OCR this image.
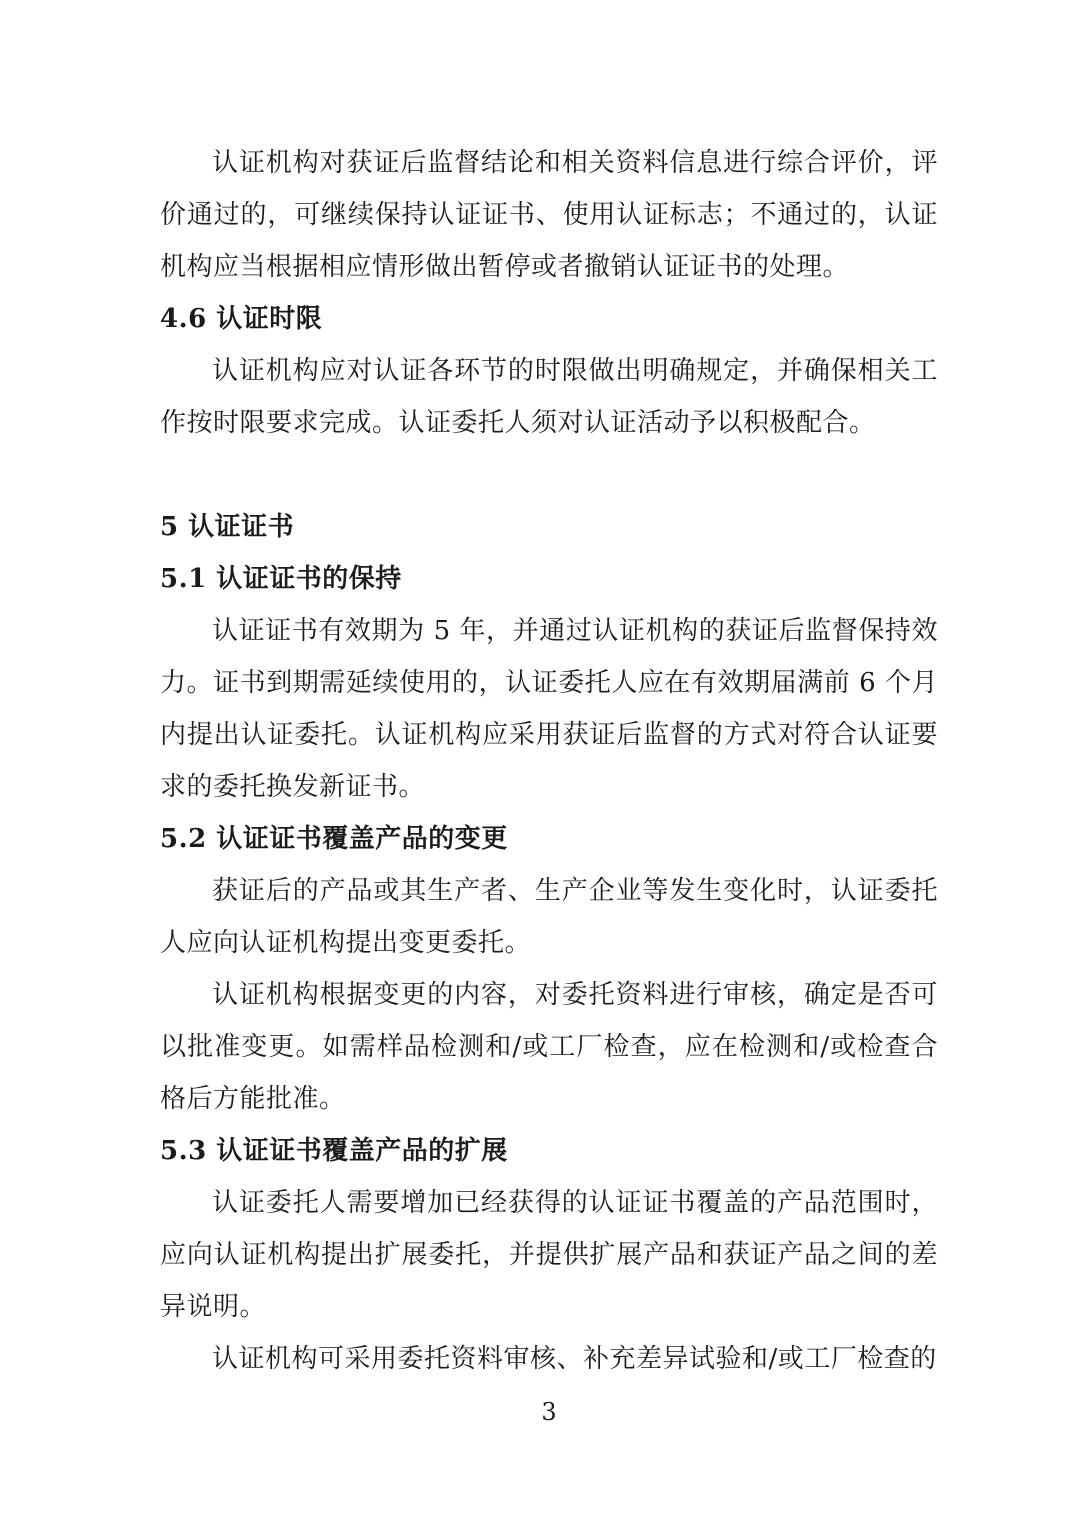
认证机构对获证后监督结论和相关资料信息进行综合评价，评价通过的，可继续保持认证证书、使用认证标志；不通过的，认证机构应当根据相应情形做出暂停或者撤销认证证书的处理。

4.6 认证时限

认证机构应对认证各环节的时限做出明确规定，并确保相关工作按时限要求完成。认证委托人须对认证活动予以积极配合。

5 认证证书
5.1 认证证书的保持

认证证书有效期为 5 年，并通过认证机构的获证后监督保持效力。证书到期需延续使用的，认证委托人应在有效期届满前 6 个月内提出认证委托。认证机构应采用获证后监督的方式对符合认证要求的委托换发新证书。

5.2 认证证书覆盖产品的变更

获证后的产品或其生产者、生产企业等发生变化时，认证委托人应向认证机构提出变更委托。

认证机构根据变更的内容，对委托资料进行审核，确定是否可以批准变更。如需样品检测和/或工厂检查，应在检测和/或检查合格后方能批准。

5.3 认证证书覆盖产品的扩展

认证委托人需要增加已经获得的认证证书覆盖的产品范围时，应向认证机构提出扩展委托，并提供扩展产品和获证产品之间的差异说明。

认证机构可采用委托资料审核、补充差异试验和/或工厂检查的

3
